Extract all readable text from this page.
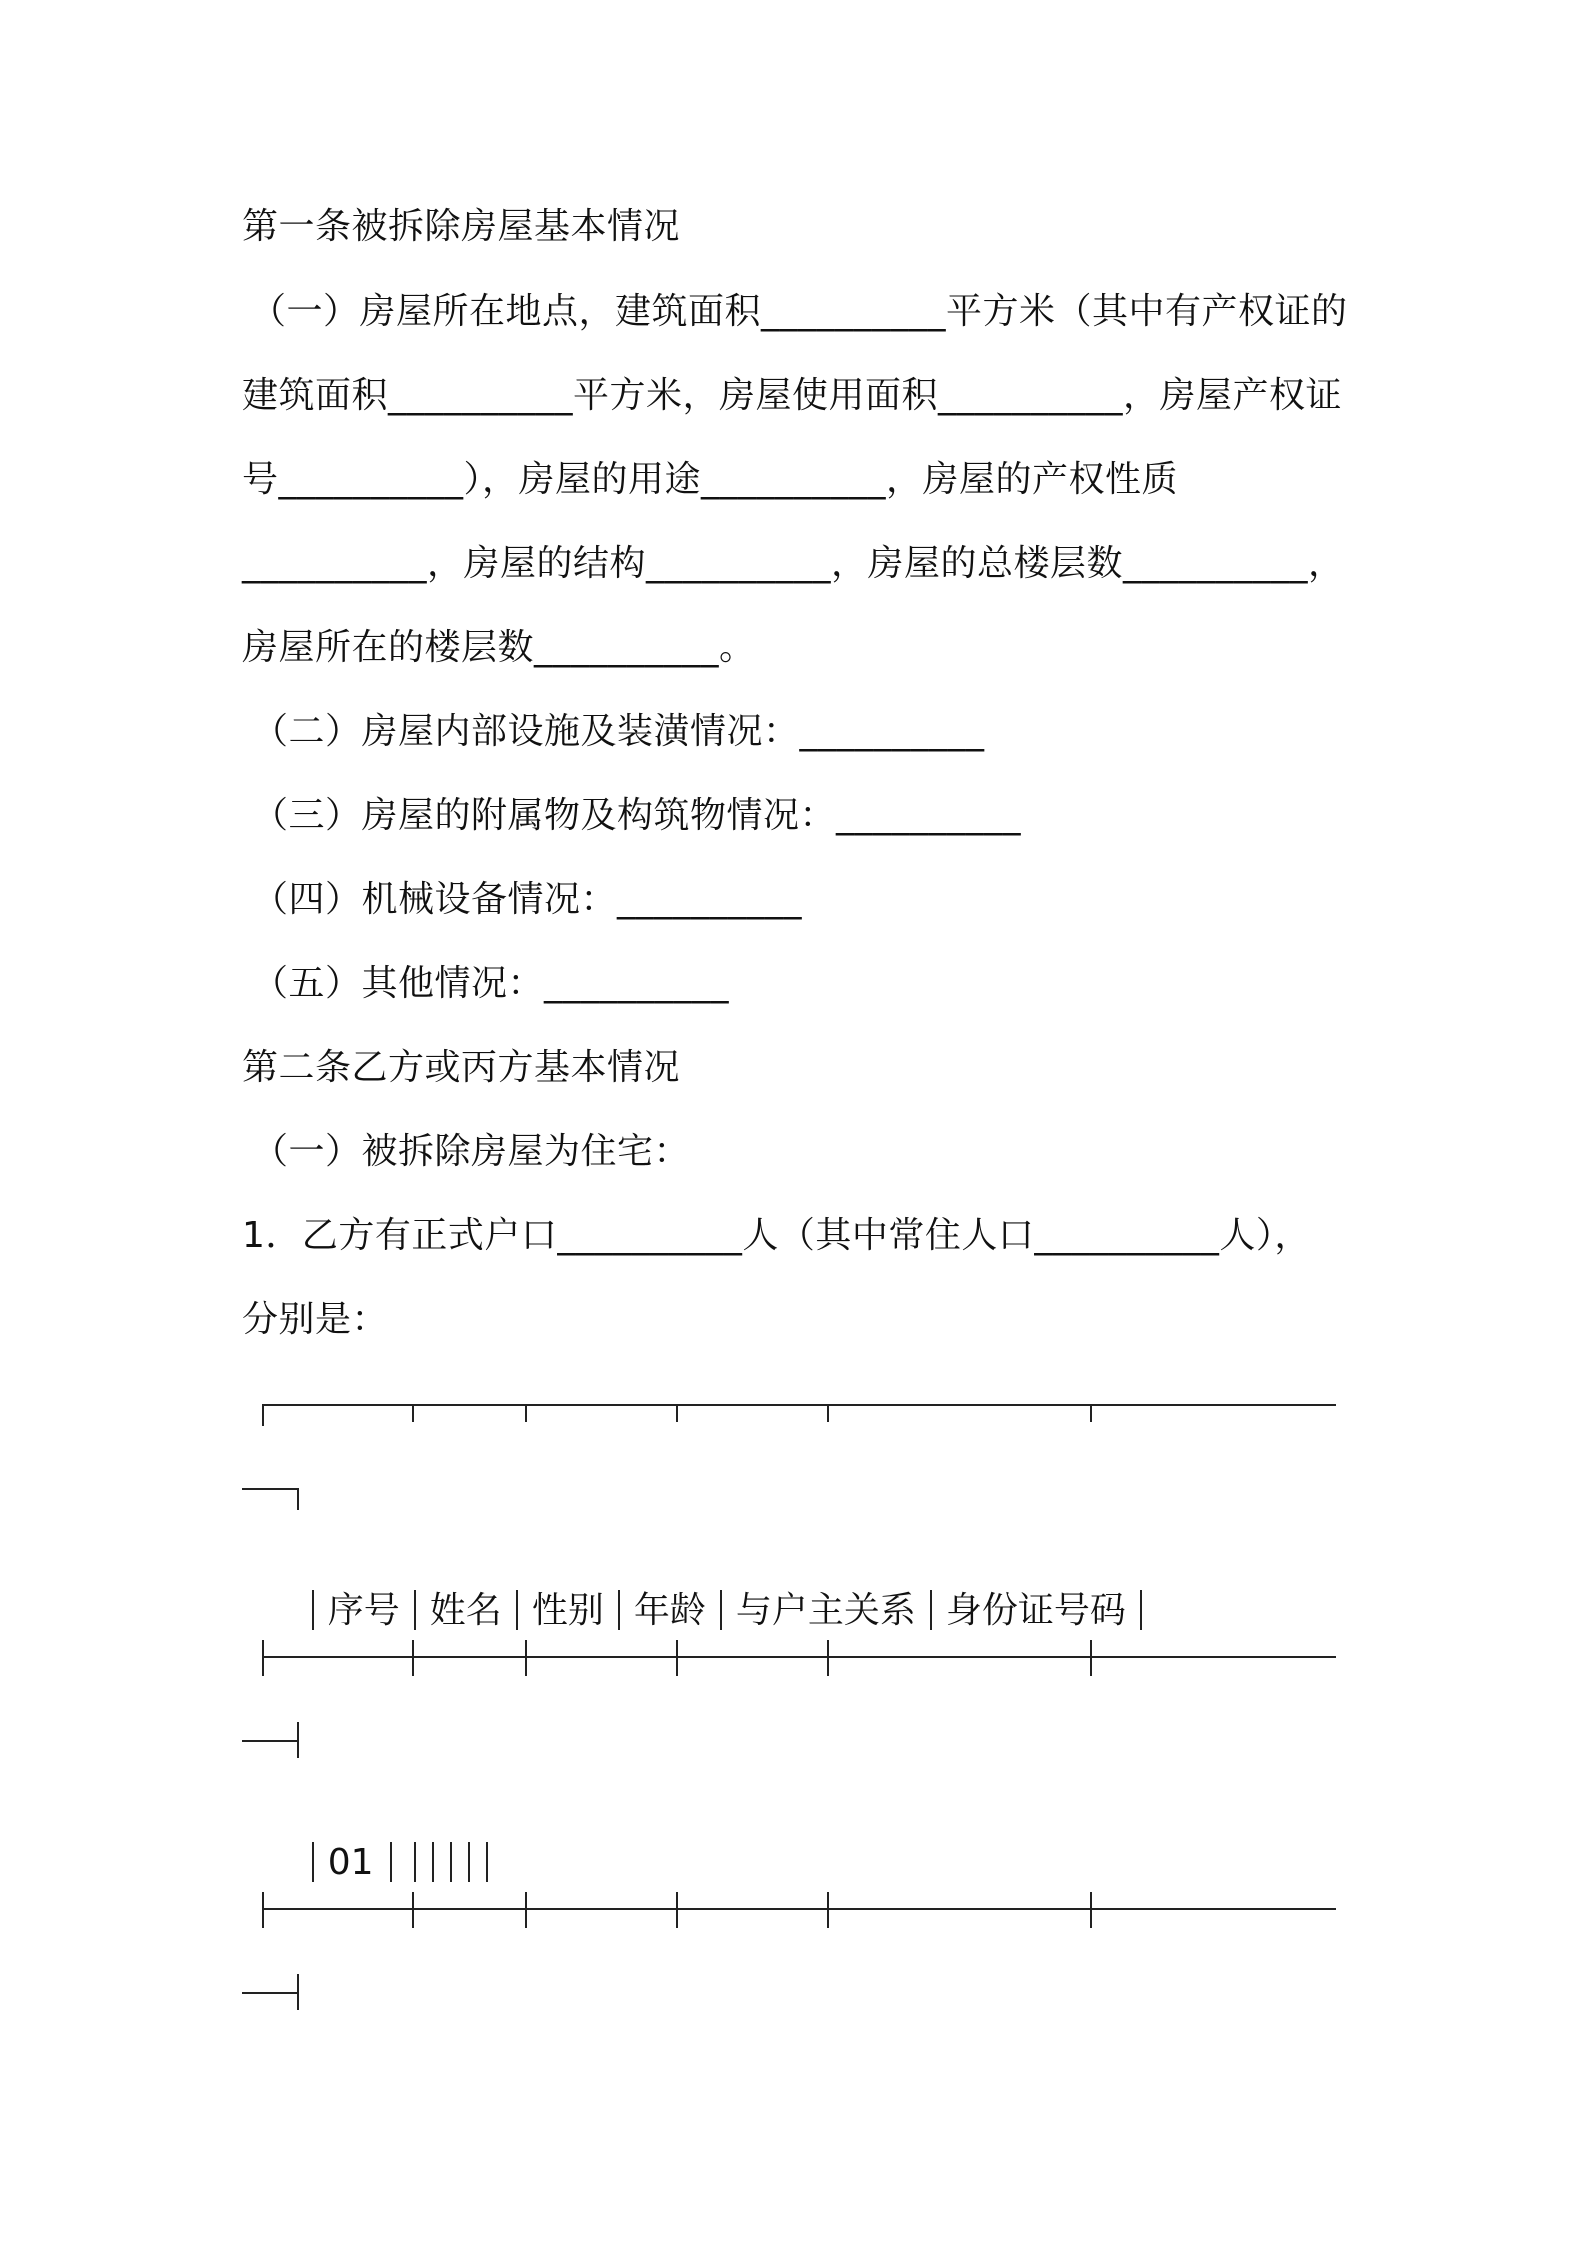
第一条被拆除房屋基本情况
（一）房屋所在地点，建筑面积__________平方米（其中有产权证的
建筑面积__________平方米，房屋使用面积__________，房屋产权证
号__________），房屋的用途__________，房屋的产权性质
__________，房屋的结构__________，房屋的总楼层数__________，
房屋所在的楼层数__________。
（二）房屋内部设施及装潢情况：__________
（三）房屋的附属物及构筑物情况：__________
（四）机械设备情况：__________
（五）其他情况：__________
第二条乙方或丙方基本情况
（一）被拆除房屋为住宅：
1．乙方有正式户口__________人（其中常住人口__________人），
分别是：

序号 姓名 性别 年龄 与户主关系 身份证号码

01
